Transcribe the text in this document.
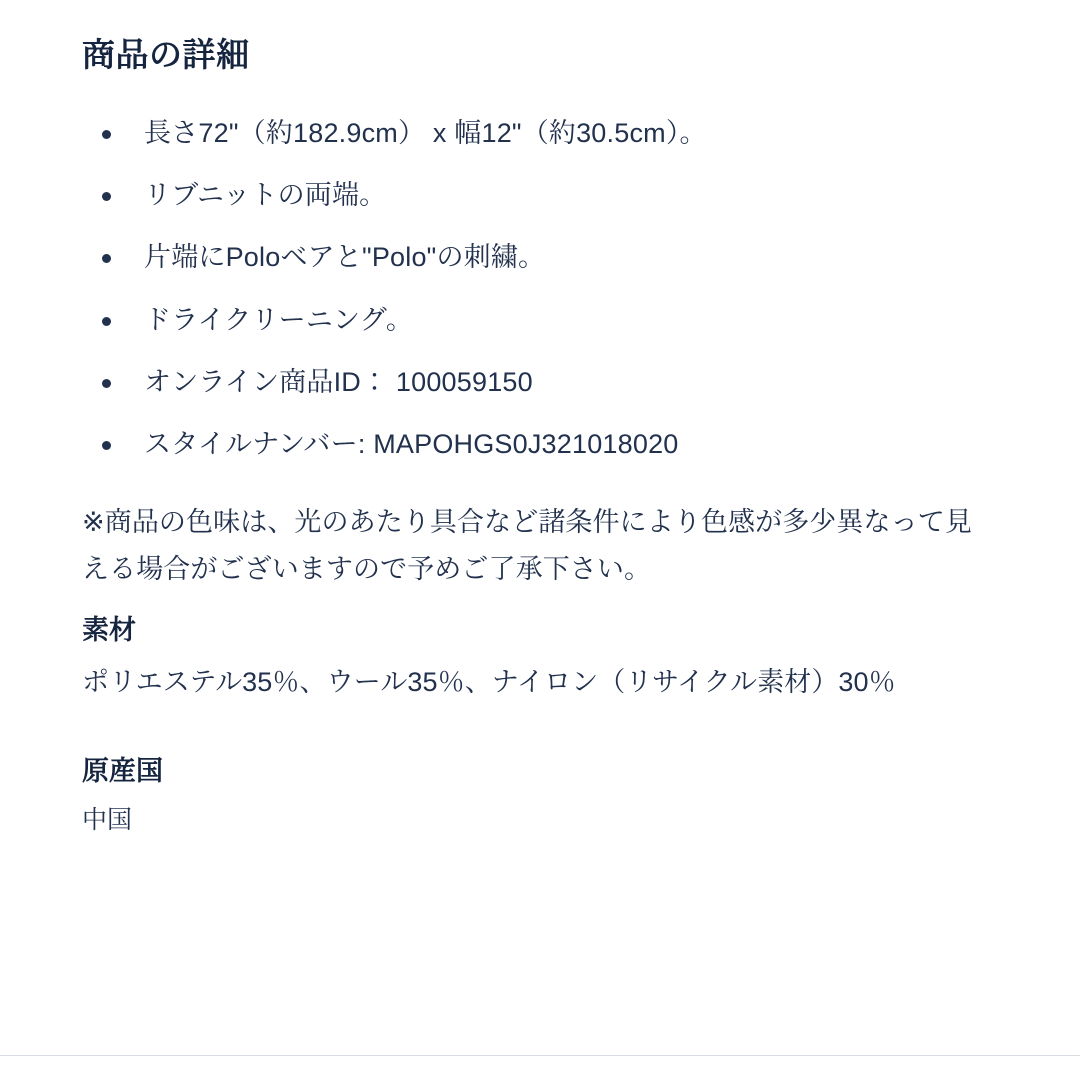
商品の詳細
長さ72"（約182.9cm） x 幅12"（約30.5cm）。
リブニットの両端。
片端にPoloベアと"Polo"の刺繍。
ドライクリーニング。
オンライン商品ID： 100059150
スタイルナンバー: MAPOHGS0J321018020

※商品の色味は、光のあたり具合など諸条件により色感が多少異なって見える場合がございますので予めご了承下さい。

素材

ポリエステル35％、ウール35％、ナイロン（リサイクル素材）30％

原産国

中国
